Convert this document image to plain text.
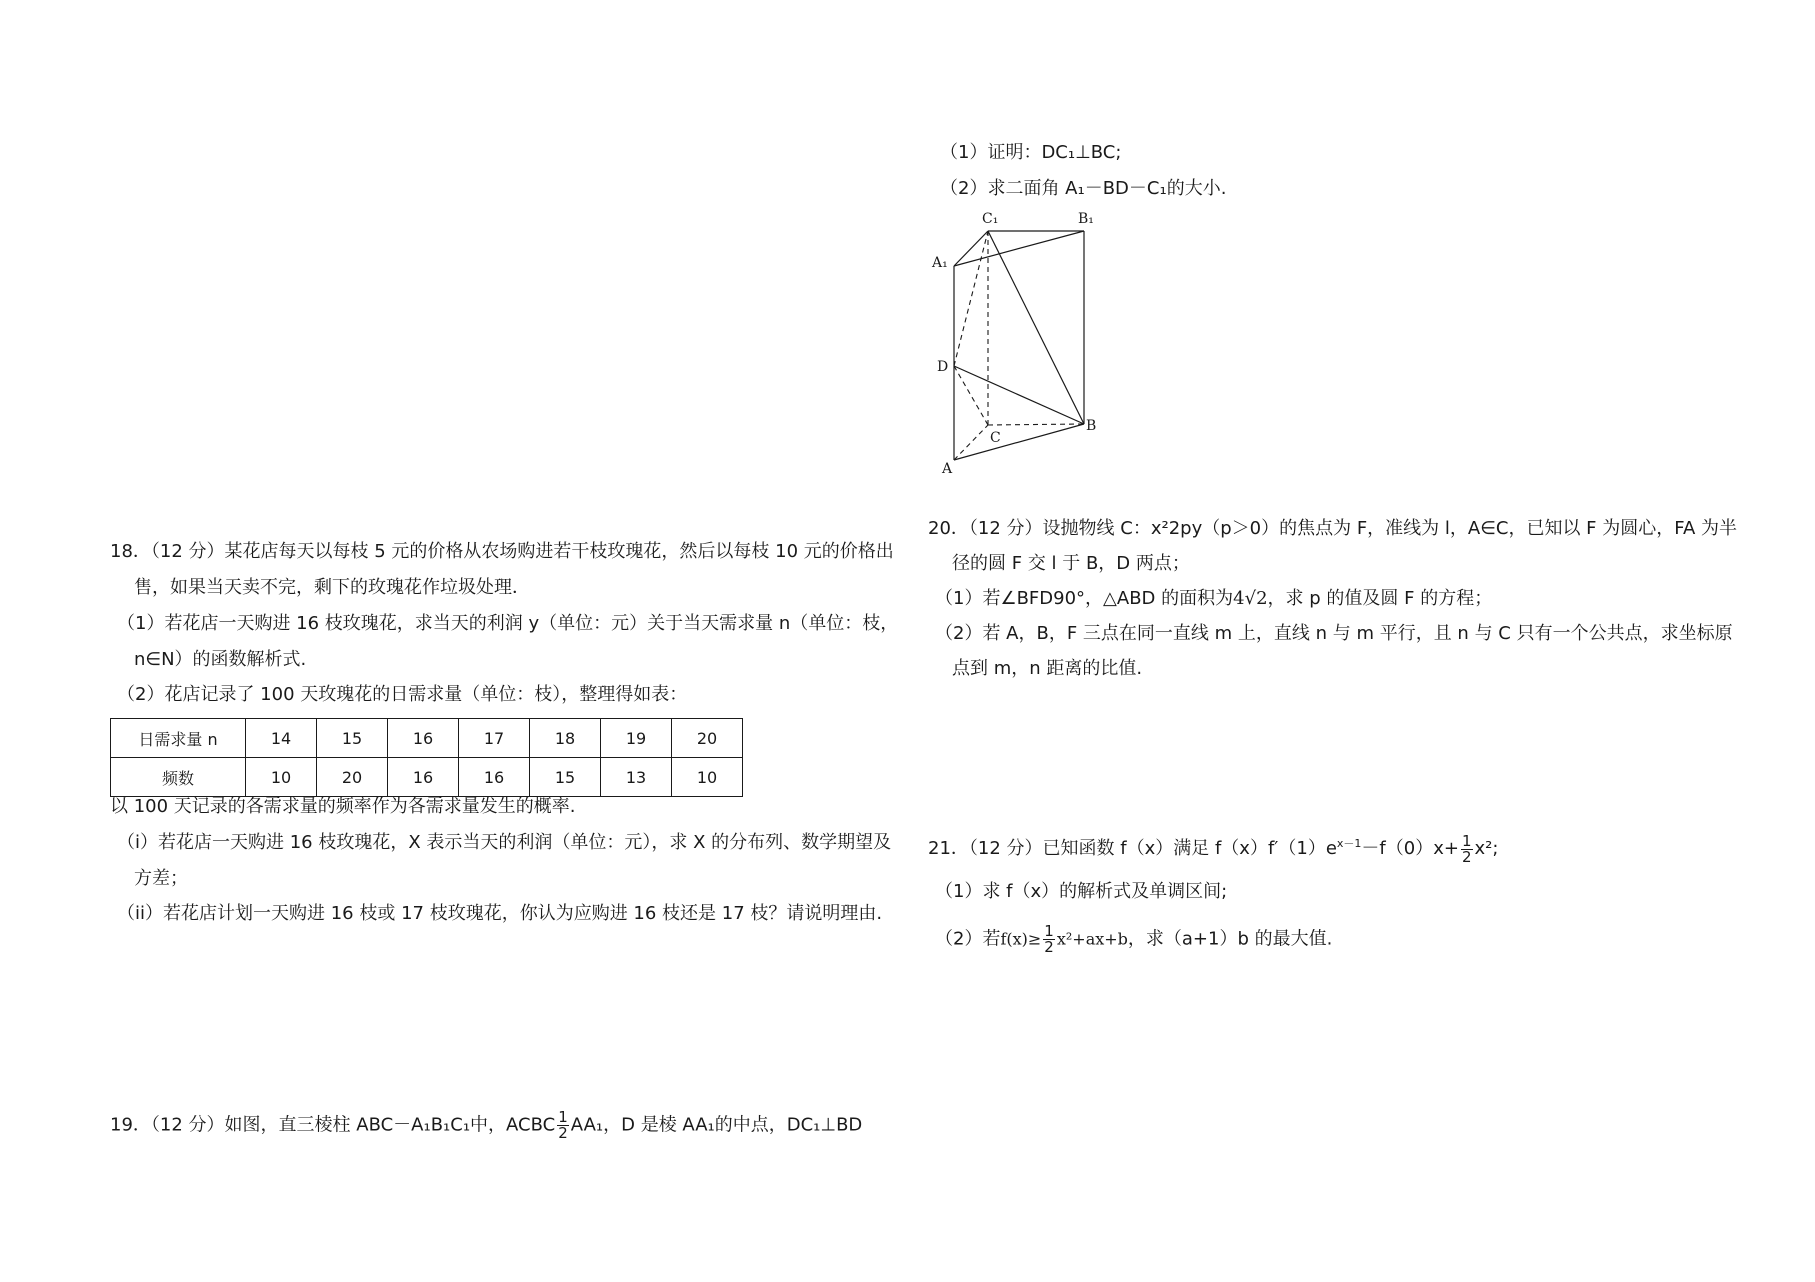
（1）证明：DC₁⊥BC;
（2）求二面角 A₁－BD－C₁的大小.
C₁	B₁
A₁
D
C
B
A
18．（12 分）某花店每天以每枝 5 元的价格从农场购进若干枝玫瑰花，然后以每枝 10 元的价格出
售，如果当天卖不完，剩下的玫瑰花作垃圾处理．
（1）若花店一天购进 16 枝玫瑰花，求当天的利润 y（单位：元）关于当天需求量 n（单位：枝，
n∈N）的函数解析式.
（2）花店记录了 100 天玫瑰花的日需求量（单位：枝），整理得如表：
日需求量 n	14	15	16	17	18	19	20
频数	10	20	16	16	15	13	10
以 100 天记录的各需求量的频率作为各需求量发生的概率.
（i）若花店一天购进 16 枝玫瑰花，X 表示当天的利润（单位：元），求 X 的分布列、数学期望及
方差；
（ii）若花店计划一天购进 16 枝或 17 枝玫瑰花，你认为应购进 16 枝还是 17 枝？请说明理由.
19．（12 分）如图，直三棱柱 ABC－A₁B₁C₁中，ACBC $\frac{1}{2} AA_1$，D 是棱 AA₁的中点，DC₁⊥BD
20．（12 分）设抛物线 C：x²2py（p＞0）的焦点为 F，准线为 l，A∈C，已知以 F 为圆心，FA 为半
径的圆 F 交 l 于 B，D 两点；
（1）若∠BFD90°，△ABD 的面积为4√2，求 p 的值及圆 F 的方程；
（2）若 A，B，F 三点在同一直线 m 上，直线 n 与 m 平行，且 n 与 C 只有一个公共点，求坐标原
点到 m，n 距离的比值.
21．（12 分）已知函数 f（x）满足 $f(x)f'(1)e^{x-1}-f(0)x+ \frac{1}{2} x^2$;
（1）求 f（x）的解析式及单调区间;
（2）若$f(x)\ge \frac{1}{2} x^2+ax+b$，求（a+1）b 的最大值.
